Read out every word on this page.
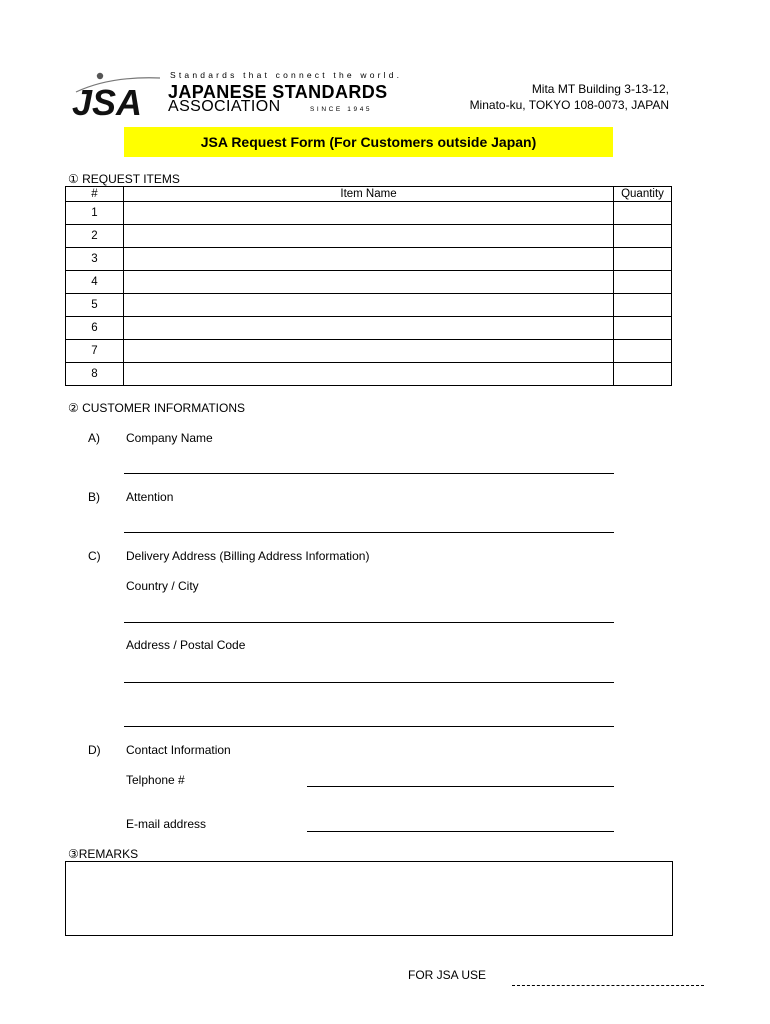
JSA
Standards that connect the world.
JAPANESE STANDARDS
ASSOCIATION	SINCE 1945
Mita MT Building 3-13-12,
Minato-ku, TOKYO 108-0073, JAPAN
JSA Request Form (For Customers outside Japan)
① REQUEST ITEMS
#	Item Name	Quantity
1		
2		
3		
4		
5		
6		
7		
8		
② CUSTOMER INFORMATIONS
A) Company Name
B) Attention
C) Delivery Address (Billing Address Information)
Country / City
Address / Postal Code
D) Contact Information
Telphone #
E-mail address
③REMARKS
FOR JSA USE
